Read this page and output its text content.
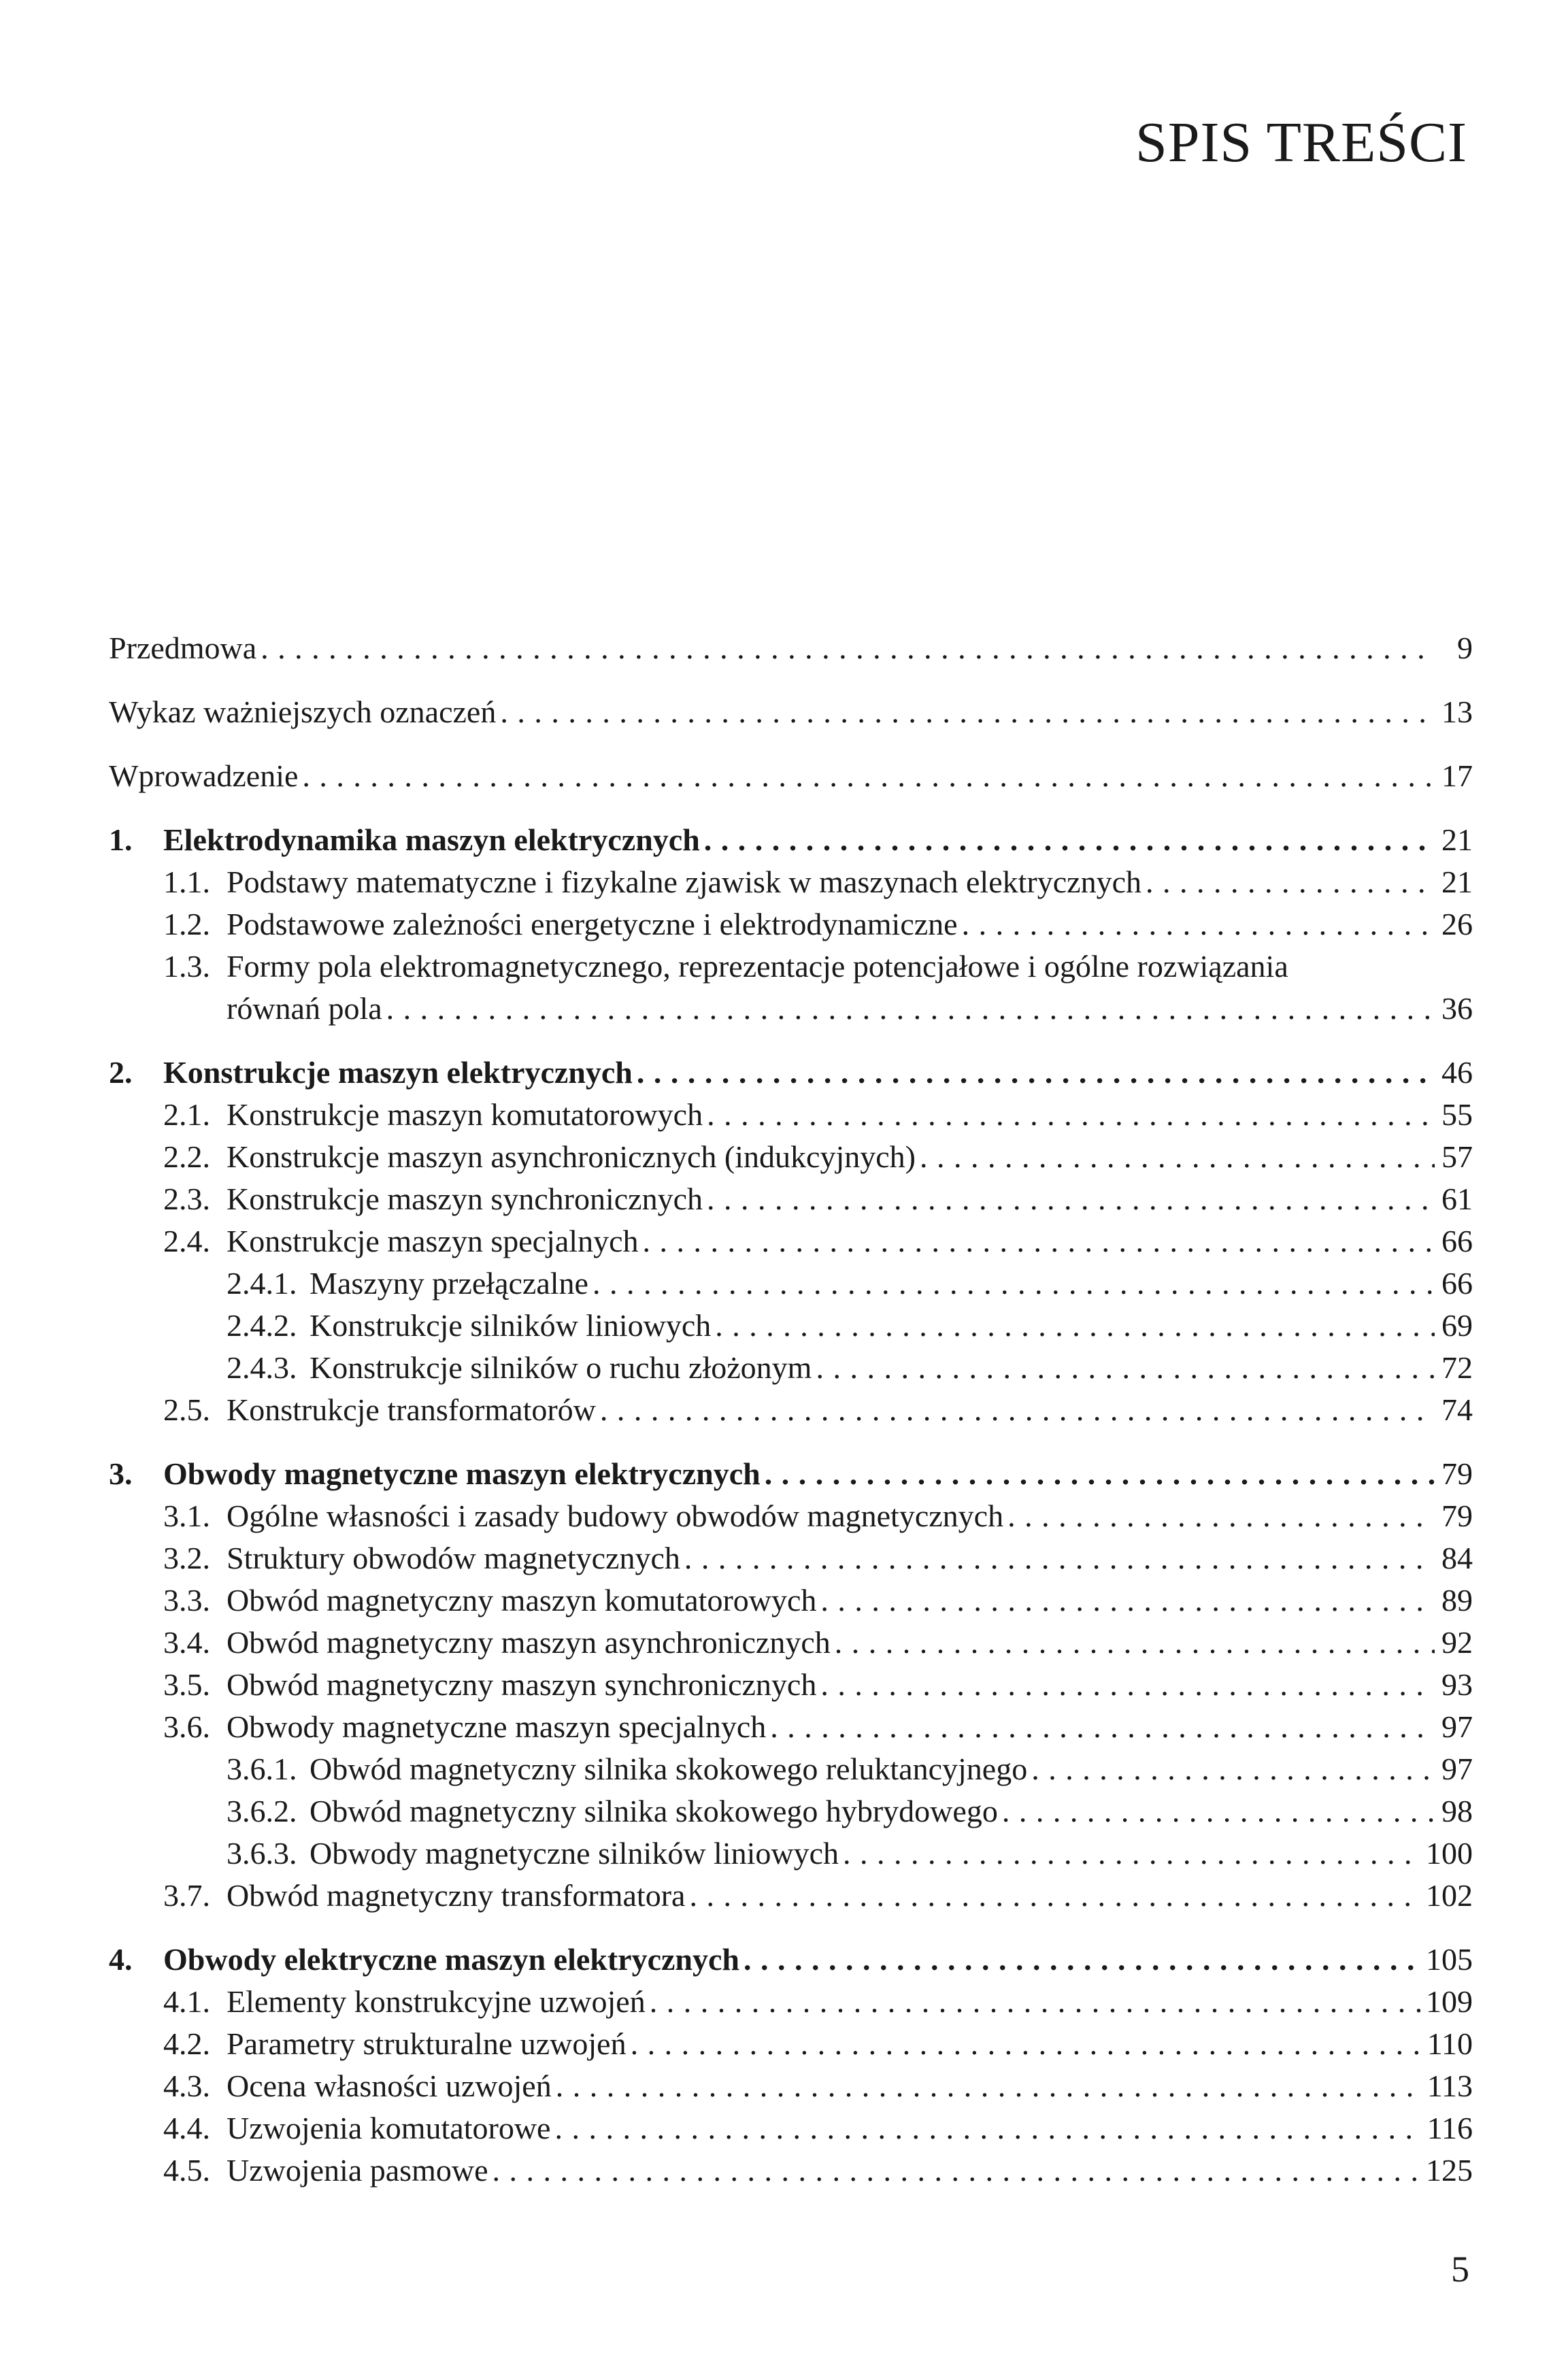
SPIS TREŚCI
Przedmowa . . .	9
Wykaz ważniejszych oznaczeń . . .	13
Wprowadzenie . . .	17
1. Elektrodynamika maszyn elektrycznych . . .	21
1.1. Podstawy matematyczne i fizykalne zjawisk w maszynach elektrycznych . . .	21
1.2. Podstawowe zależności energetyczne i elektrodynamiczne . . .	26
1.3. Formy pola elektromagnetycznego, reprezentacje potencjałowe i ogólne rozwiązania
równań pola . . .	36
2. Konstrukcje maszyn elektrycznych . . .	46
2.1. Konstrukcje maszyn komutatorowych . . .	55
2.2. Konstrukcje maszyn asynchronicznych (indukcyjnych) . . .	57
2.3. Konstrukcje maszyn synchronicznych . . .	61
2.4. Konstrukcje maszyn specjalnych . . .	66
2.4.1. Maszyny przełączalne . . .	66
2.4.2. Konstrukcje silników liniowych . . .	69
2.4.3. Konstrukcje silników o ruchu złożonym . . .	72
2.5. Konstrukcje transformatorów . . .	74
3. Obwody magnetyczne maszyn elektrycznych . . .	79
3.1. Ogólne własności i zasady budowy obwodów magnetycznych . . .	79
3.2. Struktury obwodów magnetycznych . . .	84
3.3. Obwód magnetyczny maszyn komutatorowych . . .	89
3.4. Obwód magnetyczny maszyn asynchronicznych . . .	92
3.5. Obwód magnetyczny maszyn synchronicznych . . .	93
3.6. Obwody magnetyczne maszyn specjalnych . . .	97
3.6.1. Obwód magnetyczny silnika skokowego reluktancyjnego . . .	97
3.6.2. Obwód magnetyczny silnika skokowego hybrydowego . . .	98
3.6.3. Obwody magnetyczne silników liniowych . . .	100
3.7. Obwód magnetyczny transformatora . . .	102
4. Obwody elektryczne maszyn elektrycznych . . .	105
4.1. Elementy konstrukcyjne uzwojeń . . .	109
4.2. Parametry strukturalne uzwojeń . . .	110
4.3. Ocena własności uzwojeń . . .	113
4.4. Uzwojenia komutatorowe . . .	116
4.5. Uzwojenia pasmowe . . .	125

5
